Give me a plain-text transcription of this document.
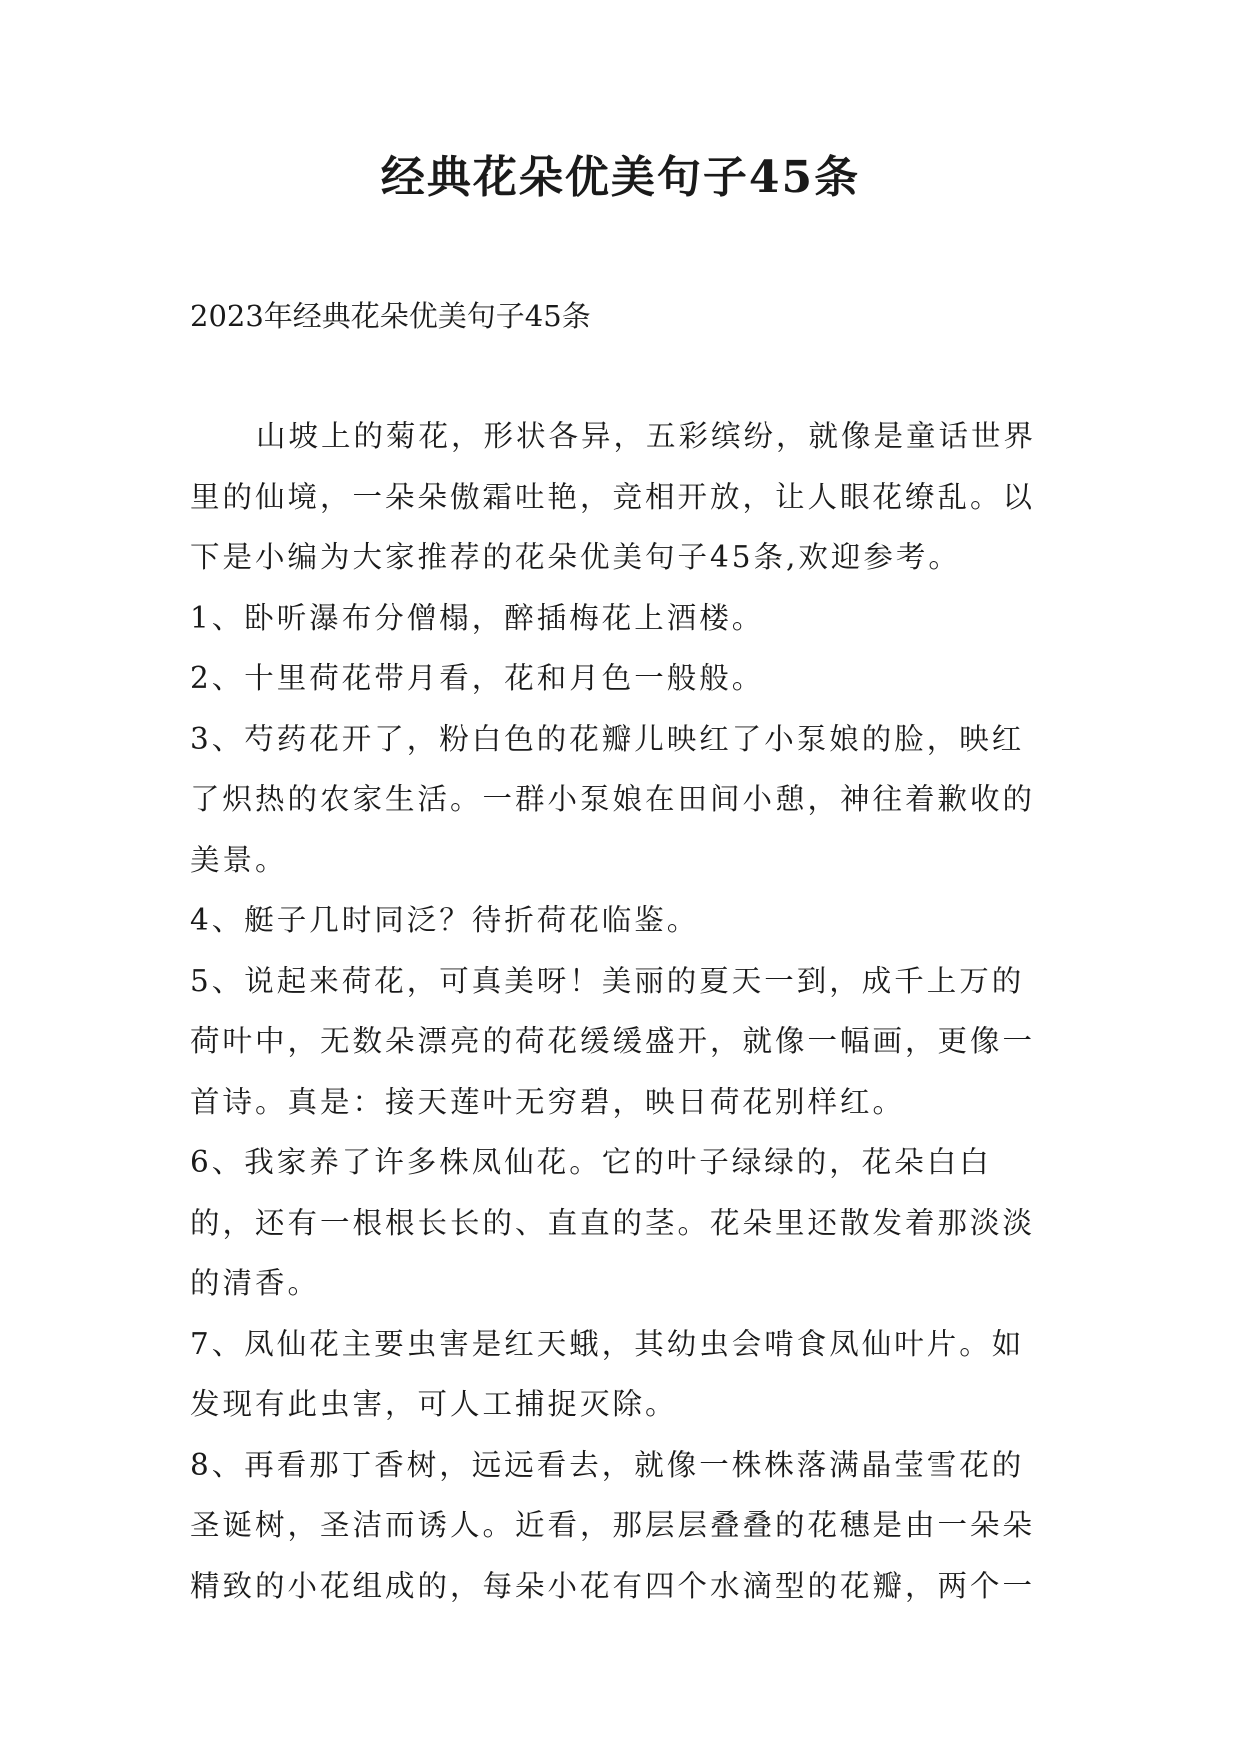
经典花朵优美句子45条
2023年经典花朵优美句子45条

山坡上的菊花，形状各异，五彩缤纷，就像是童话世界里的仙境，一朵朵傲霜吐艳，竞相开放，让人眼花缭乱。以下是小编为大家推荐的花朵优美句子45条,欢迎参考。

1、卧听瀑布分僧榻，醉插梅花上酒楼。

2、十里荷花带月看，花和月色一般般。

3、芍药花开了，粉白色的花瓣儿映红了小泵娘的脸，映红了炽热的农家生活。一群小泵娘在田间小憩，神往着歉收的美景。

4、艇子几时同泛？待折荷花临鉴。

5、说起来荷花，可真美呀！美丽的夏天一到，成千上万的荷叶中，无数朵漂亮的荷花缓缓盛开，就像一幅画，更像一首诗。真是：接天莲叶无穷碧，映日荷花别样红。

6、我家养了许多株凤仙花。它的叶子绿绿的，花朵白白的，还有一根根长长的、直直的茎。花朵里还散发着那淡淡的清香。

7、凤仙花主要虫害是红天蛾，其幼虫会啃食凤仙叶片。如发现有此虫害，可人工捕捉灭除。

8、再看那丁香树，远远看去，就像一株株落满晶莹雪花的圣诞树，圣洁而诱人。近看，那层层叠叠的花穗是由一朵朵精致的小花组成的，每朵小花有四个水滴型的花瓣，两个一
